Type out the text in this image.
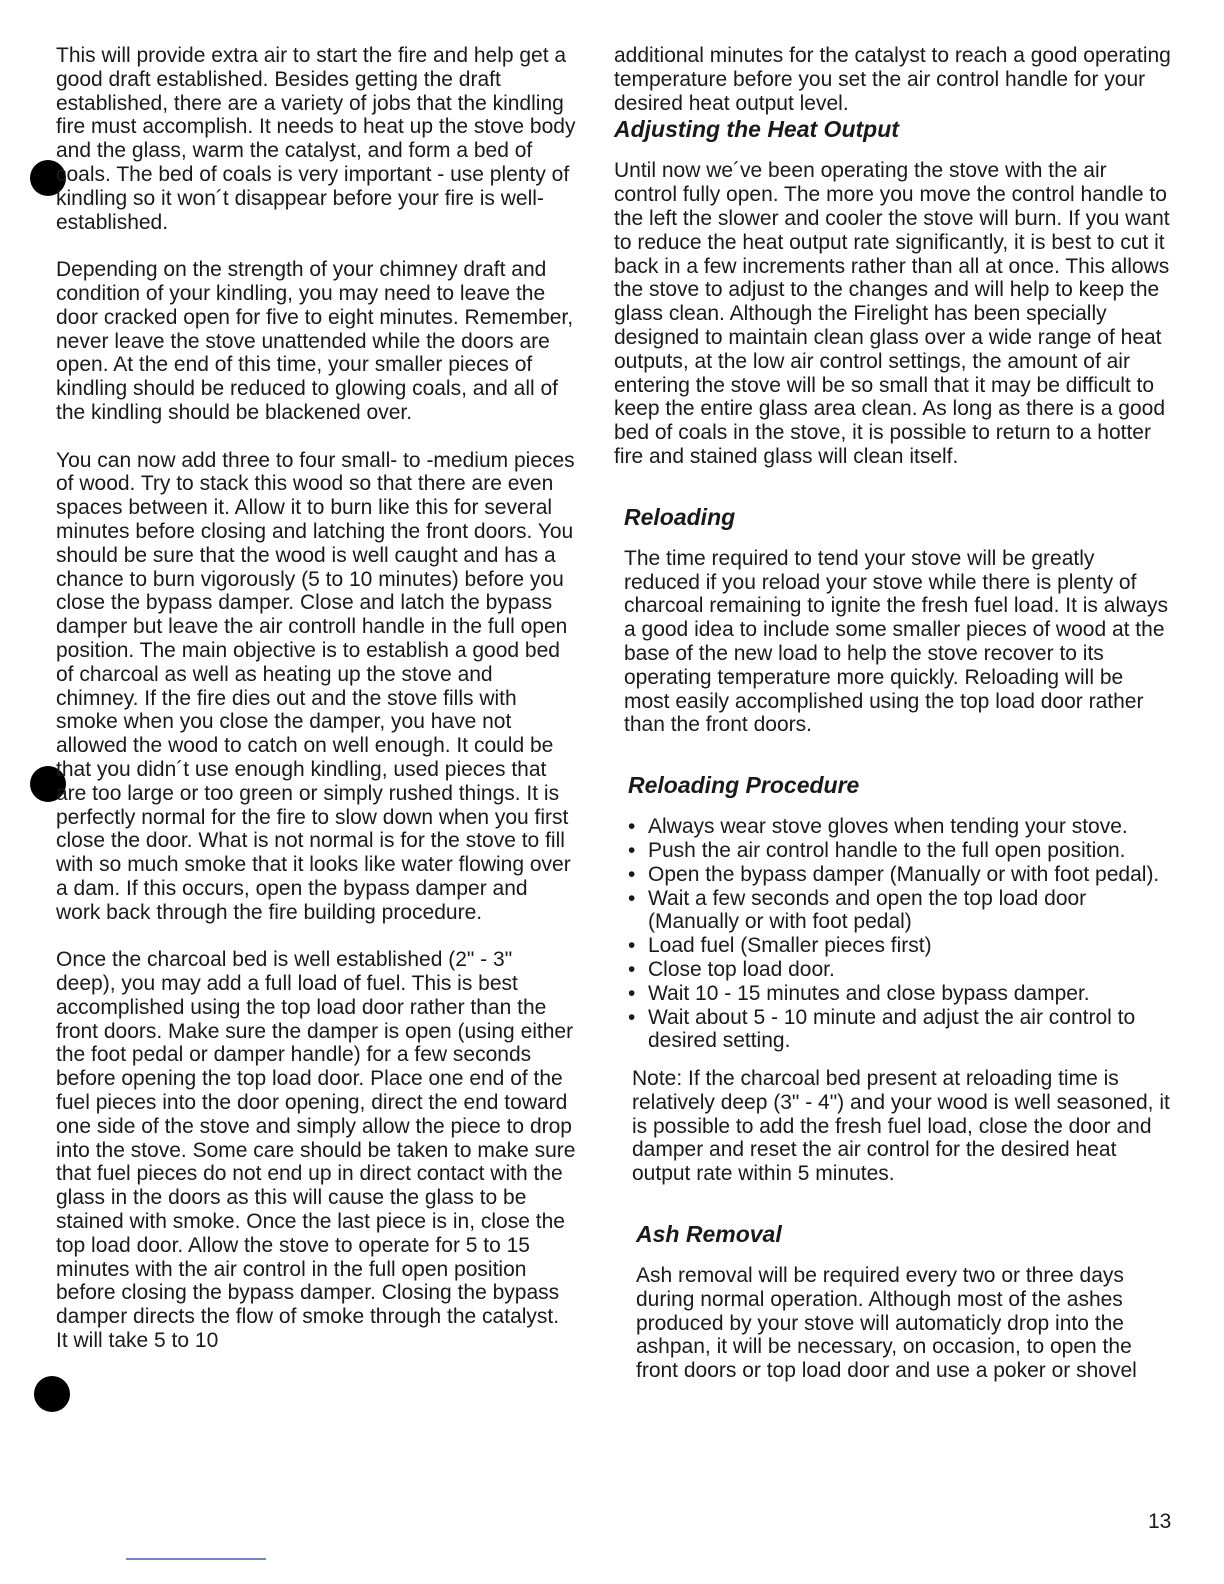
This will provide extra air to start the fire and help get a good draft established. Besides getting the draft established, there are a variety of jobs that the kindling fire must accomplish. It needs to heat up the stove body and the glass, warm the catalyst, and form a bed of coals. The bed of coals is very important - use plenty of kindling so it won´t disappear before your fire is well-established.

Depending on the strength of your chimney draft and condition of your kindling, you may need to leave the door cracked open for five to eight minutes. Remember, never leave the stove unattended while the doors are open. At the end of this time, your smaller pieces of kindling should be reduced to glowing coals, and all of the kindling should be blackened over.

You can now add three to four small- to -medium pieces of wood. Try to stack this wood so that there are even spaces between it. Allow it to burn like this for several minutes before closing and latching the front doors. You should be sure that the wood is well caught and has a chance to burn vigorously (5 to 10 minutes) before you close the bypass damper. Close and latch the bypass damper but leave the air controll handle in the full open position. The main objective is to establish a good bed of charcoal as well as heating up the stove and chimney. If the fire dies out and the stove fills with smoke when you close the damper, you have not allowed the wood to catch on well enough. It could be that you didn´t use enough kindling, used pieces that are too large or too green or simply rushed things. It is perfectly normal for the fire to slow down when you first close the door. What is not normal is for the stove to fill with so much smoke that it looks like water flowing over a dam. If this occurs, open the bypass damper and work back through the fire building procedure.

Once the charcoal bed is well established (2" - 3" deep), you may add a full load of fuel. This is best accomplished using the top load door rather than the front doors. Make sure the damper is open (using either the foot pedal or damper handle) for a few seconds before opening the top load door. Place one end of the fuel pieces into the door opening, direct the end toward one side of the stove and simply allow the piece to drop into the stove. Some care should be taken to make sure that fuel pieces do not end up in direct contact with the glass in the doors as this will cause the glass to be stained with smoke. Once the last piece is in, close the top load door. Allow the stove to operate for 5 to 15 minutes with the air control in the full open position before closing the bypass damper. Closing the bypass damper directs the flow of smoke through the catalyst. It will take 5 to 10

additional minutes for the catalyst to reach a good operating temperature before you set the air control handle for your desired heat output level.

Adjusting the Heat Output

Until now we´ve been operating the stove with the air control fully open. The more you move the control handle to the left the slower and cooler the stove will burn. If you want to reduce the heat output rate significantly, it is best to cut it back in a few increments rather than all at once. This allows the stove to adjust to the changes and will help to keep the glass clean. Although the Firelight has been specially designed to maintain clean glass over a wide range of heat outputs, at the low air control settings, the amount of air entering the stove will be so small that it may be difficult to keep the entire glass area clean. As long as there is a good bed of coals in the stove, it is possible to return to a hotter fire and stained glass will clean itself.

Reloading

The time required to tend your stove will be greatly reduced if you reload your stove while there is plenty of charcoal remaining to ignite the fresh fuel load. It is always a good idea to include some smaller pieces of wood at the base of the new load to help the stove recover to its operating temperature more quickly. Reloading will be most easily accomplished using the top load door rather than the front doors.

Reloading Procedure
• Always wear stove gloves when tending your stove.
• Push the air control handle to the full open position.
• Open the bypass damper (Manually or with foot pedal).
• Wait a few seconds and open the top load door (Manually or with foot pedal)
• Load fuel (Smaller pieces first)
• Close top load door.
• Wait 10 - 15 minutes and close bypass damper.
• Wait about 5 - 10 minute and adjust the air control to desired setting.

Note: If the charcoal bed present at reloading time is relatively deep (3" - 4") and your wood is well seasoned, it is possible to add the fresh fuel load, close the door and damper and reset the air control for the desired heat output rate within 5 minutes.

Ash Removal

Ash removal will be required every two or three days during normal operation. Although most of the ashes produced by your stove will automaticly drop into the ashpan, it will be necessary, on occasion, to open the front doors or top load door and use a poker or shovel

13
